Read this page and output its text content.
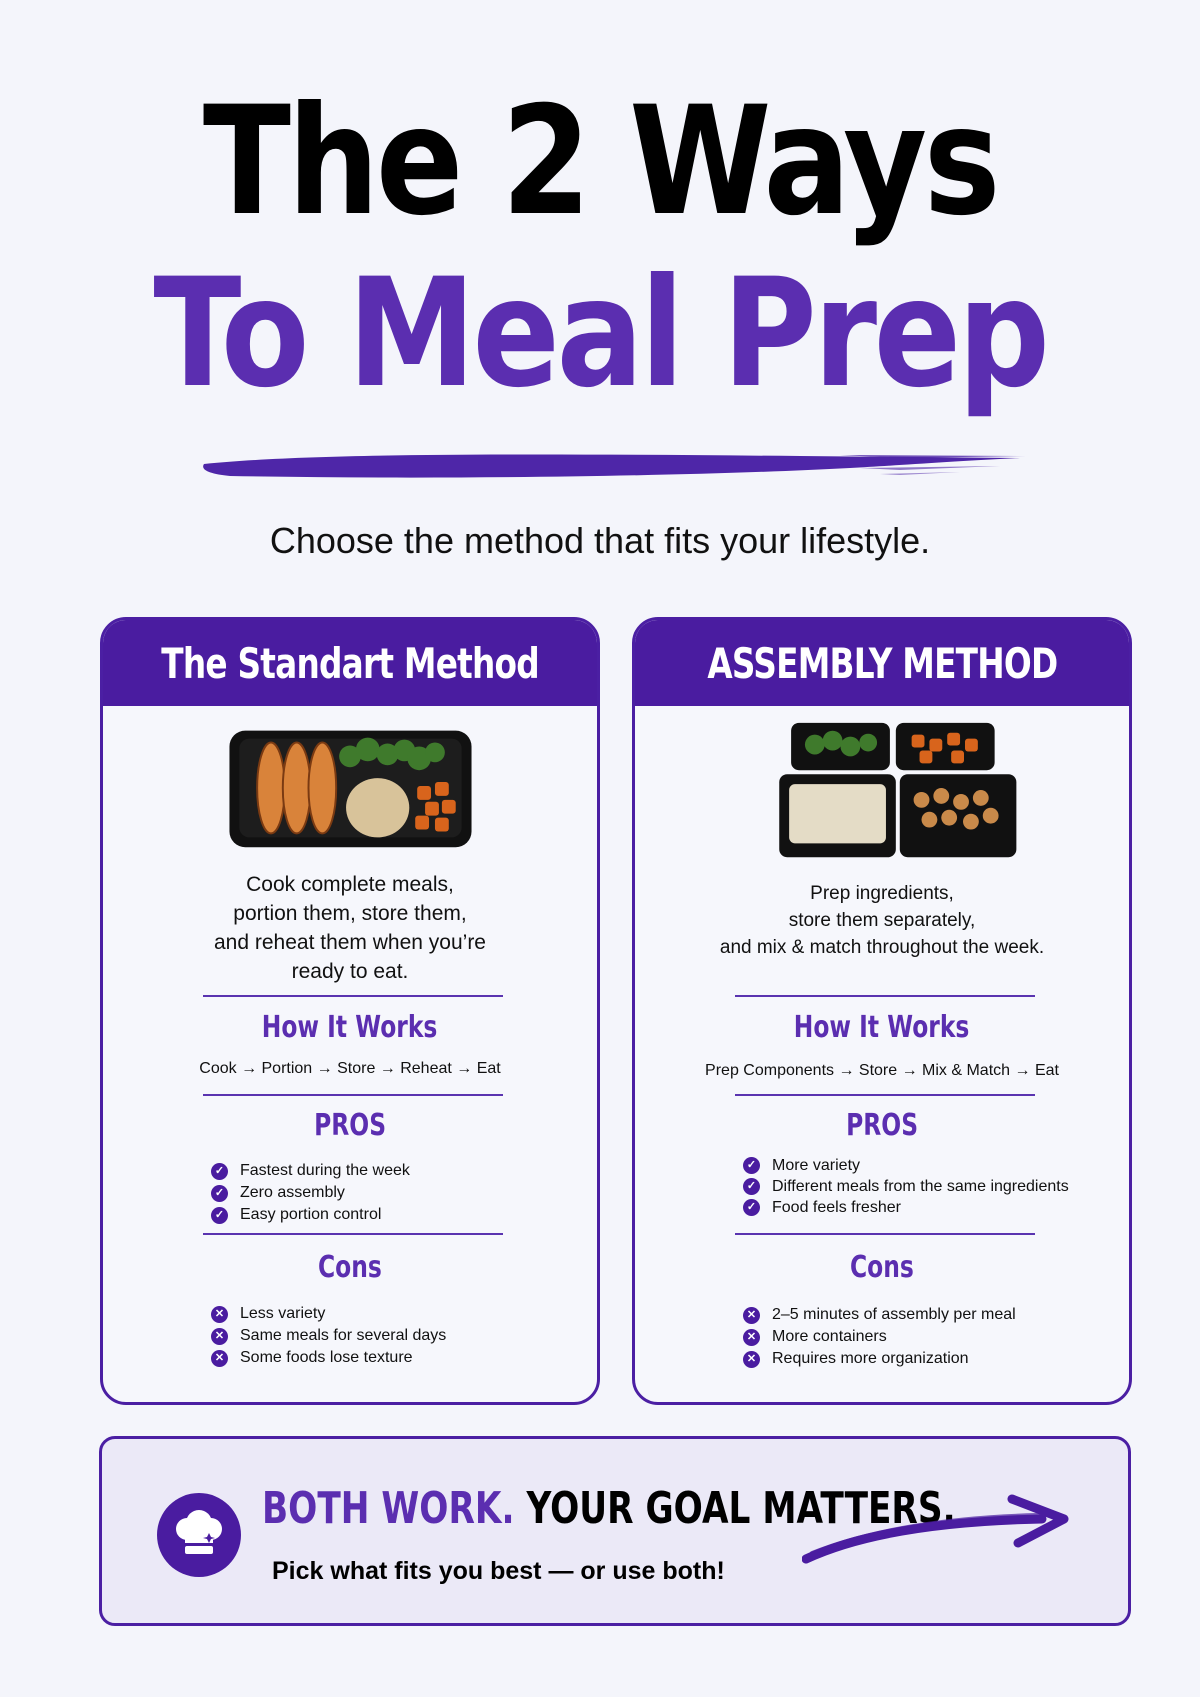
The 2 Ways
To Meal Prep

Choose the method that fits your lifestyle.

The Standart Method
Cook complete meals,
portion them, store them,
and reheat them when you’re
ready to eat.
How It Works

Cook → Portion → Store → Reheat → Eat

PROS
✓ Fastest during the week
✓ Zero assembly
✓ Easy portion control
Cons
✕ Less variety
✕ Same meals for several days
✕ Some foods lose texture
ASSEMBLY METHOD
Prep ingredients,
store them separately,
and mix & match throughout the week.
How It Works

Prep Components → Store → Mix & Match → Eat

PROS
✓ More variety
✓ Different meals from the same ingredients
✓ Food feels fresher
Cons
✕ 2–5 minutes of assembly per meal
✕ More containers
✕ Requires more organization

BOTH WORK. YOUR GOAL MATTERS.

Pick what fits you best — or use both!
